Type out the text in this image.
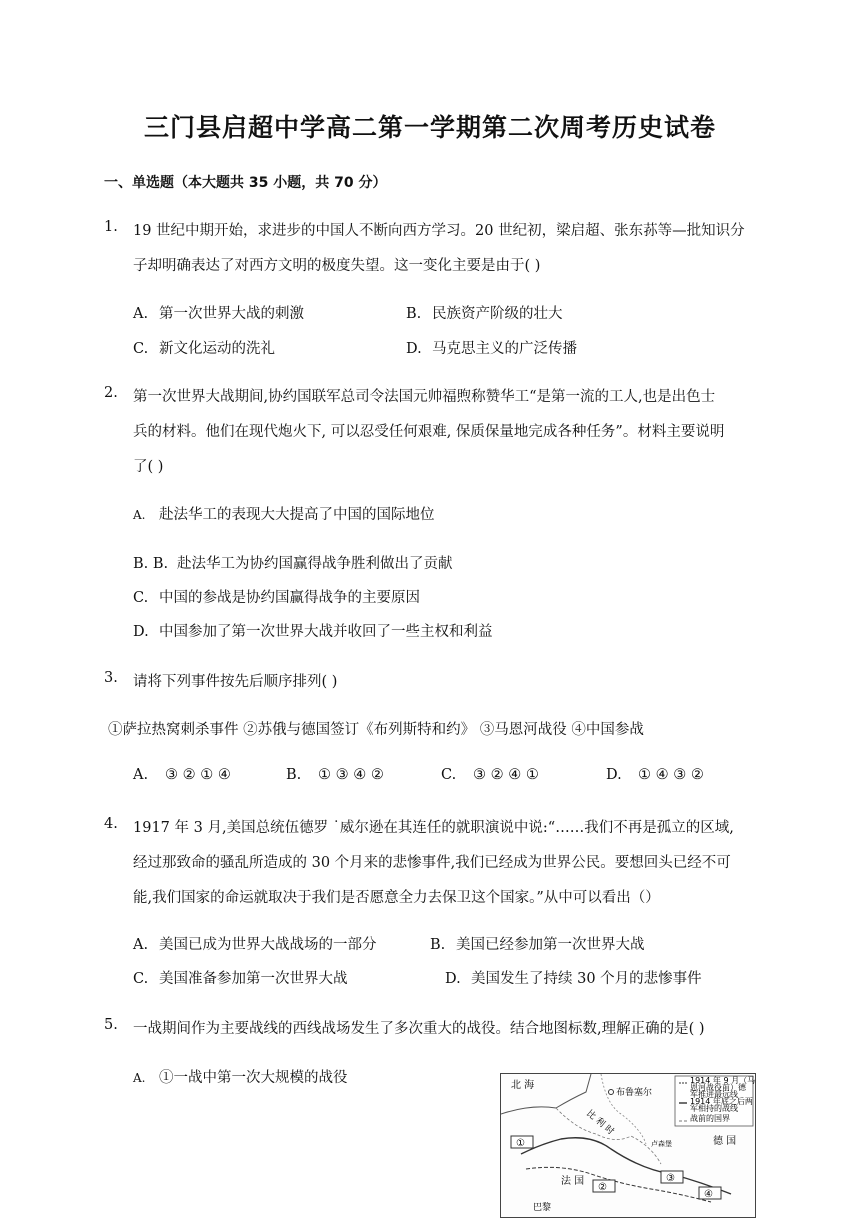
三门县启超中学高二第一学期第二次周考历史试卷
一、单选题（本大题共 35 小题，共 70 分）
1. 19 世纪中期开始，求进步的中国人不断向西方学习。20 世纪初，梁启超、张东荪等—批知识分
子却明确表达了对西方文明的极度失望。这一变化主要是由于( )
A. 第一次世界大战的刺激	B. 民族资产阶级的壮大
C. 新文化运动的洗礼	D. 马克思主义的广泛传播
2. 第一次世界大战期间,协约国联军总司令法国元帅福煦称赞华工“是第一流的工人,也是出色士
兵的材料。他们在现代炮火下, 可以忍受任何艰难, 保质保量地完成各种任务”。材料主要说明
了( )
A. 赴法华工的表现大大提高了中国的国际地位
B. B. 赴法华工为协约国赢得战争胜利做出了贡献
C. 中国的参战是协约国赢得战争的主要原因
D. 中国参加了第一次世界大战并收回了一些主权和利益
3. 请将下列事件按先后顺序排列( )
①萨拉热窝刺杀事件 ②苏俄与德国签订《布列斯特和约》 ③马恩河战役 ④中国参战
A. ③ ② ① ④	B. ① ③ ④ ②	C. ③ ② ④ ①	D. ① ④ ③ ②
4. 1917 年 3 月,美国总统伍德罗 ˙威尔逊在其连任的就职演说中说:“……我们不再是孤立的区域,
经过那致命的骚乱所造成的 30 个月来的悲惨事件,我们已经成为世界公民。要想回头已经不可
能,我们国家的命运就取决于我们是否愿意全力去保卫这个国家。”从中可以看出（）
A. 美国已成为世界大战战场的一部分	B. 美国已经参加第一次世界大战
C. 美国准备参加第一次世界大战	D. 美国发生了持续 30 个月的悲惨事件
5. 一战期间作为主要战线的西线战场发生了多次重大的战役。结合地图标数,理解正确的是( )
A. ①一战中第一次大规模的战役	1914 年 9 月（马
恩河战役前）德
军推进最远线
1914 年底之后两
军相持的战线
战前的国界
北 海
布鲁塞尔
比 利 时
卢森堡	德 国
法 国
巴黎
①
②
③
④
